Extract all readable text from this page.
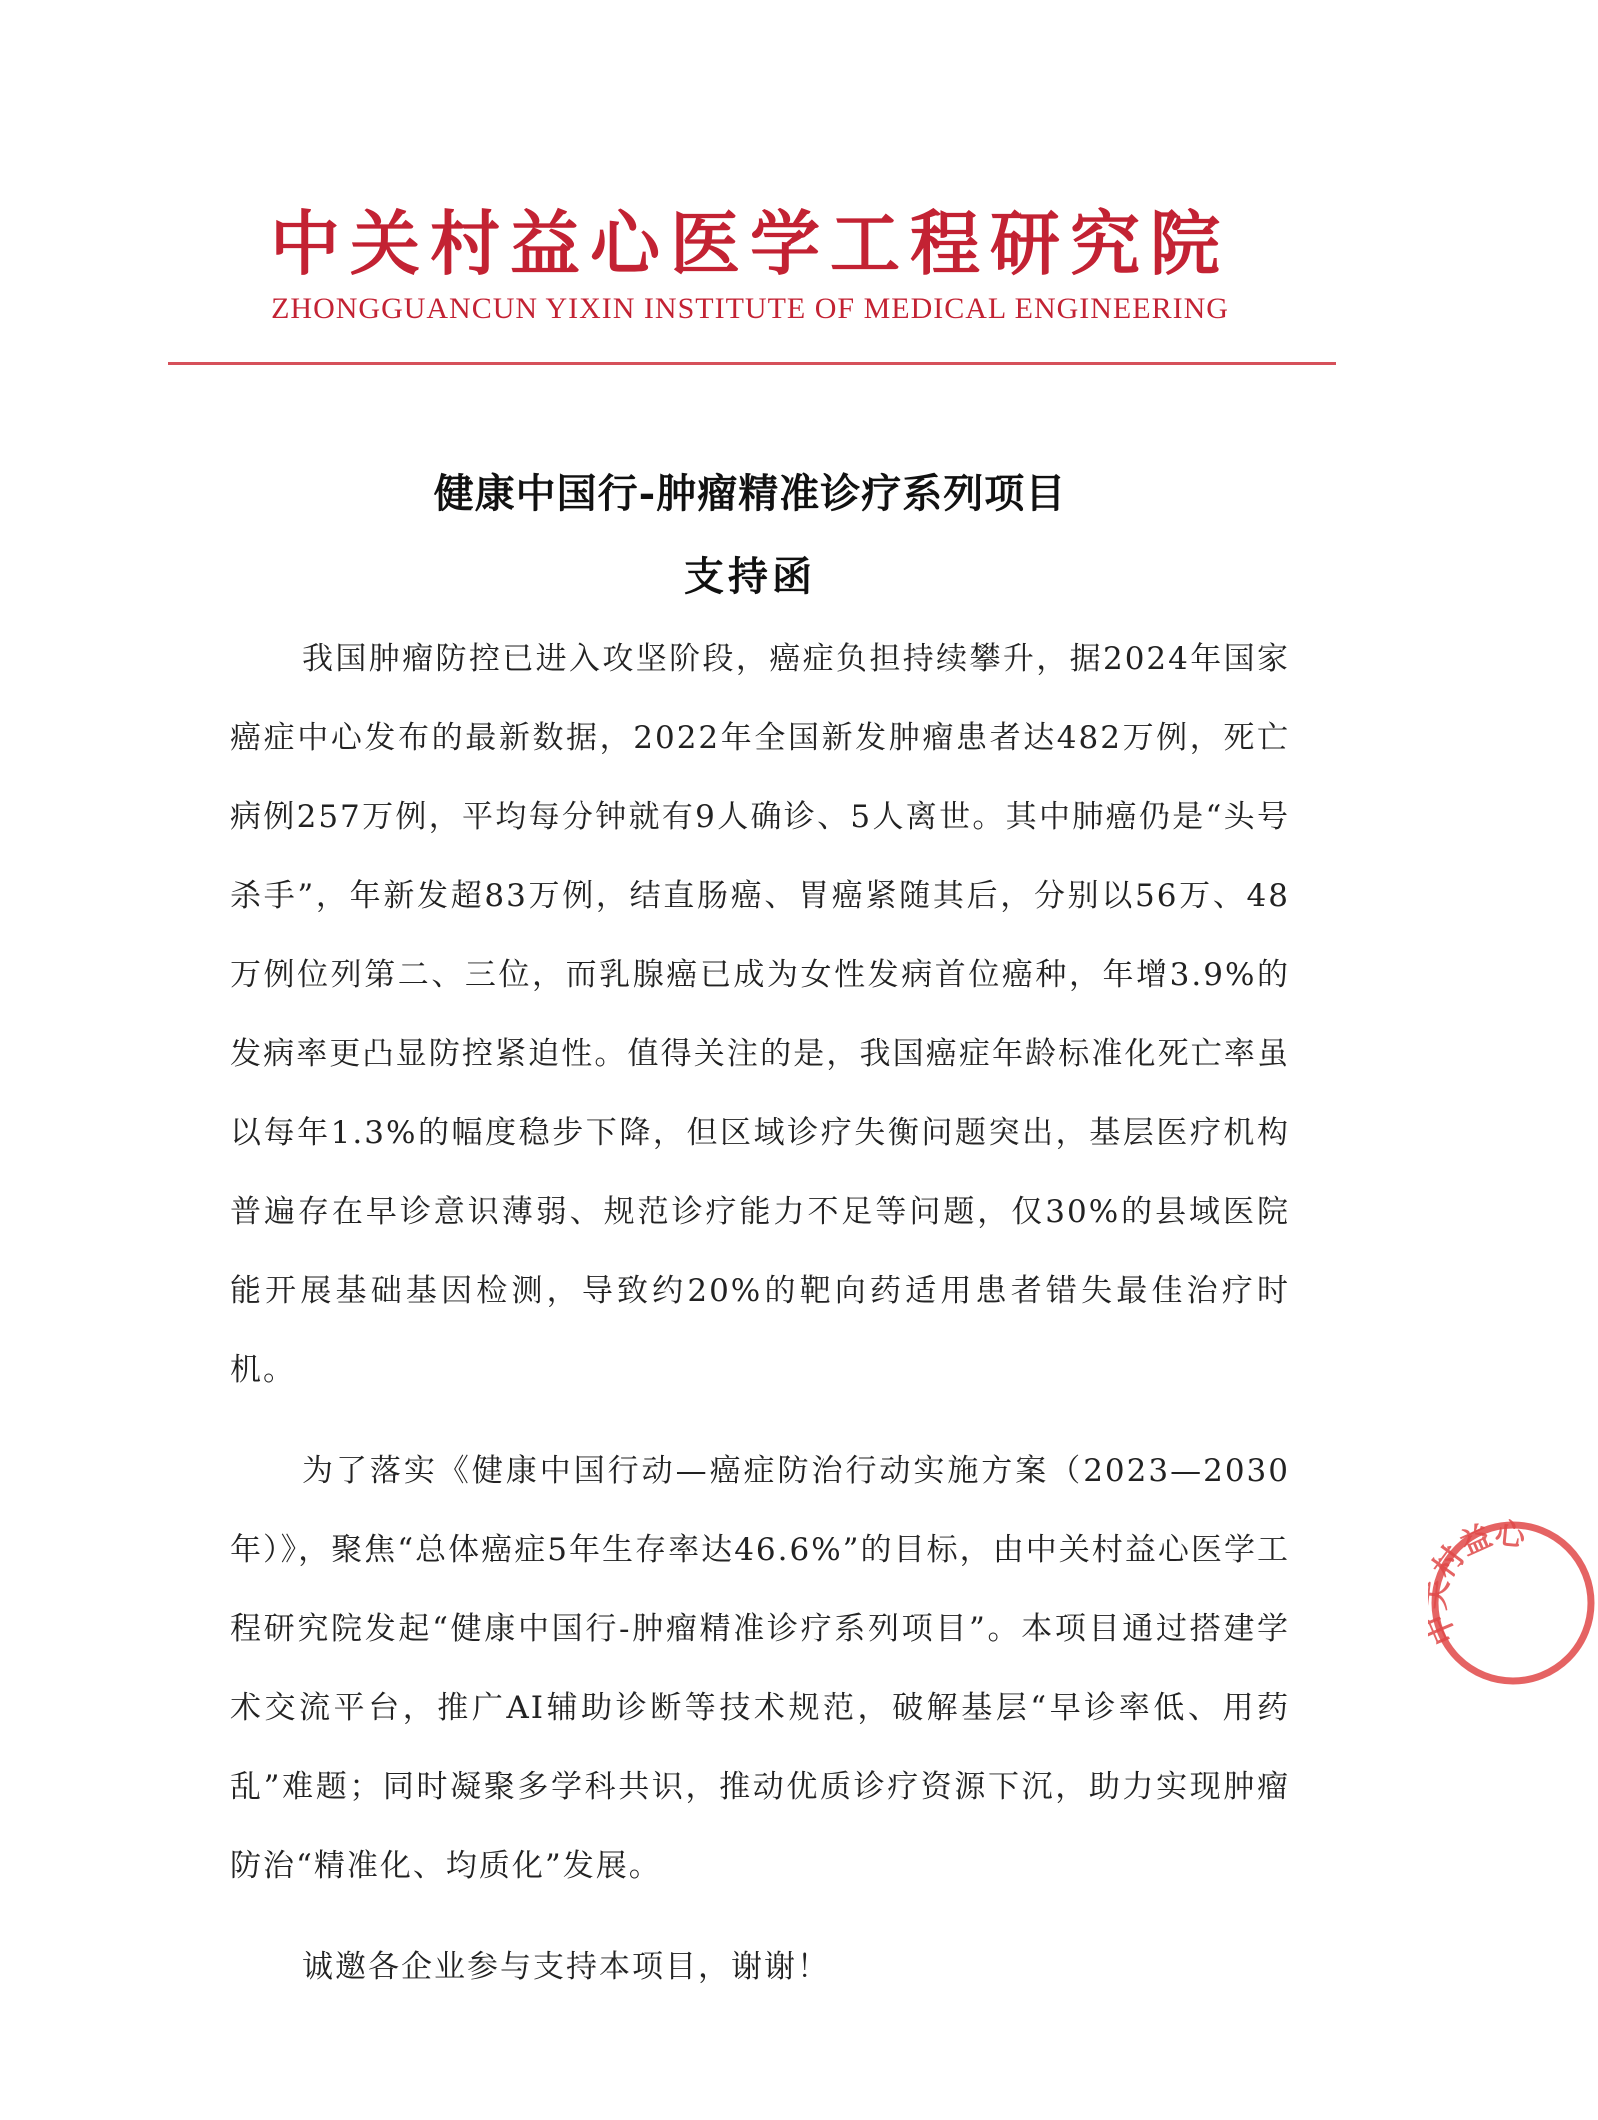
中关村益心医学工程研究院
ZHONGGUANCUN YIXIN INSTITUTE OF MEDICAL ENGINEERING
健康中国行-肿瘤精准诊疗系列项目
支持函

我国肿瘤防控已进入攻坚阶段，癌症负担持续攀升，据2024年国家癌症中心发布的最新数据，2022年全国新发肿瘤患者达482万例，死亡病例257万例，平均每分钟就有9人确诊、5人离世。其中肺癌仍是“头号杀手”，年新发超83万例，结直肠癌、胃癌紧随其后，分别以56万、48万例位列第二、三位，而乳腺癌已成为女性发病首位癌种，年增3.9%的发病率更凸显防控紧迫性。值得关注的是，我国癌症年龄标准化死亡率虽以每年1.3%的幅度稳步下降，但区域诊疗失衡问题突出，基层医疗机构普遍存在早诊意识薄弱、规范诊疗能力不足等问题，仅30%的县域医院能开展基础基因检测，导致约20%的靶向药适用患者错失最佳治疗时机。

为了落实《健康中国行动—癌症防治行动实施方案（2023—2030年）》，聚焦“总体癌症5年生存率达46.6%”的目标，由中关村益心医学工程研究院发起“健康中国行-肿瘤精准诊疗系列项目”。本项目通过搭建学术交流平台，推广AI辅助诊断等技术规范，破解基层“早诊率低、用药乱”难题；同时凝聚多学科共识，推动优质诊疗资源下沉，助力实现肿瘤防治“精准化、均质化”发展。

诚邀各企业参与支持本项目，谢谢！

村益心
